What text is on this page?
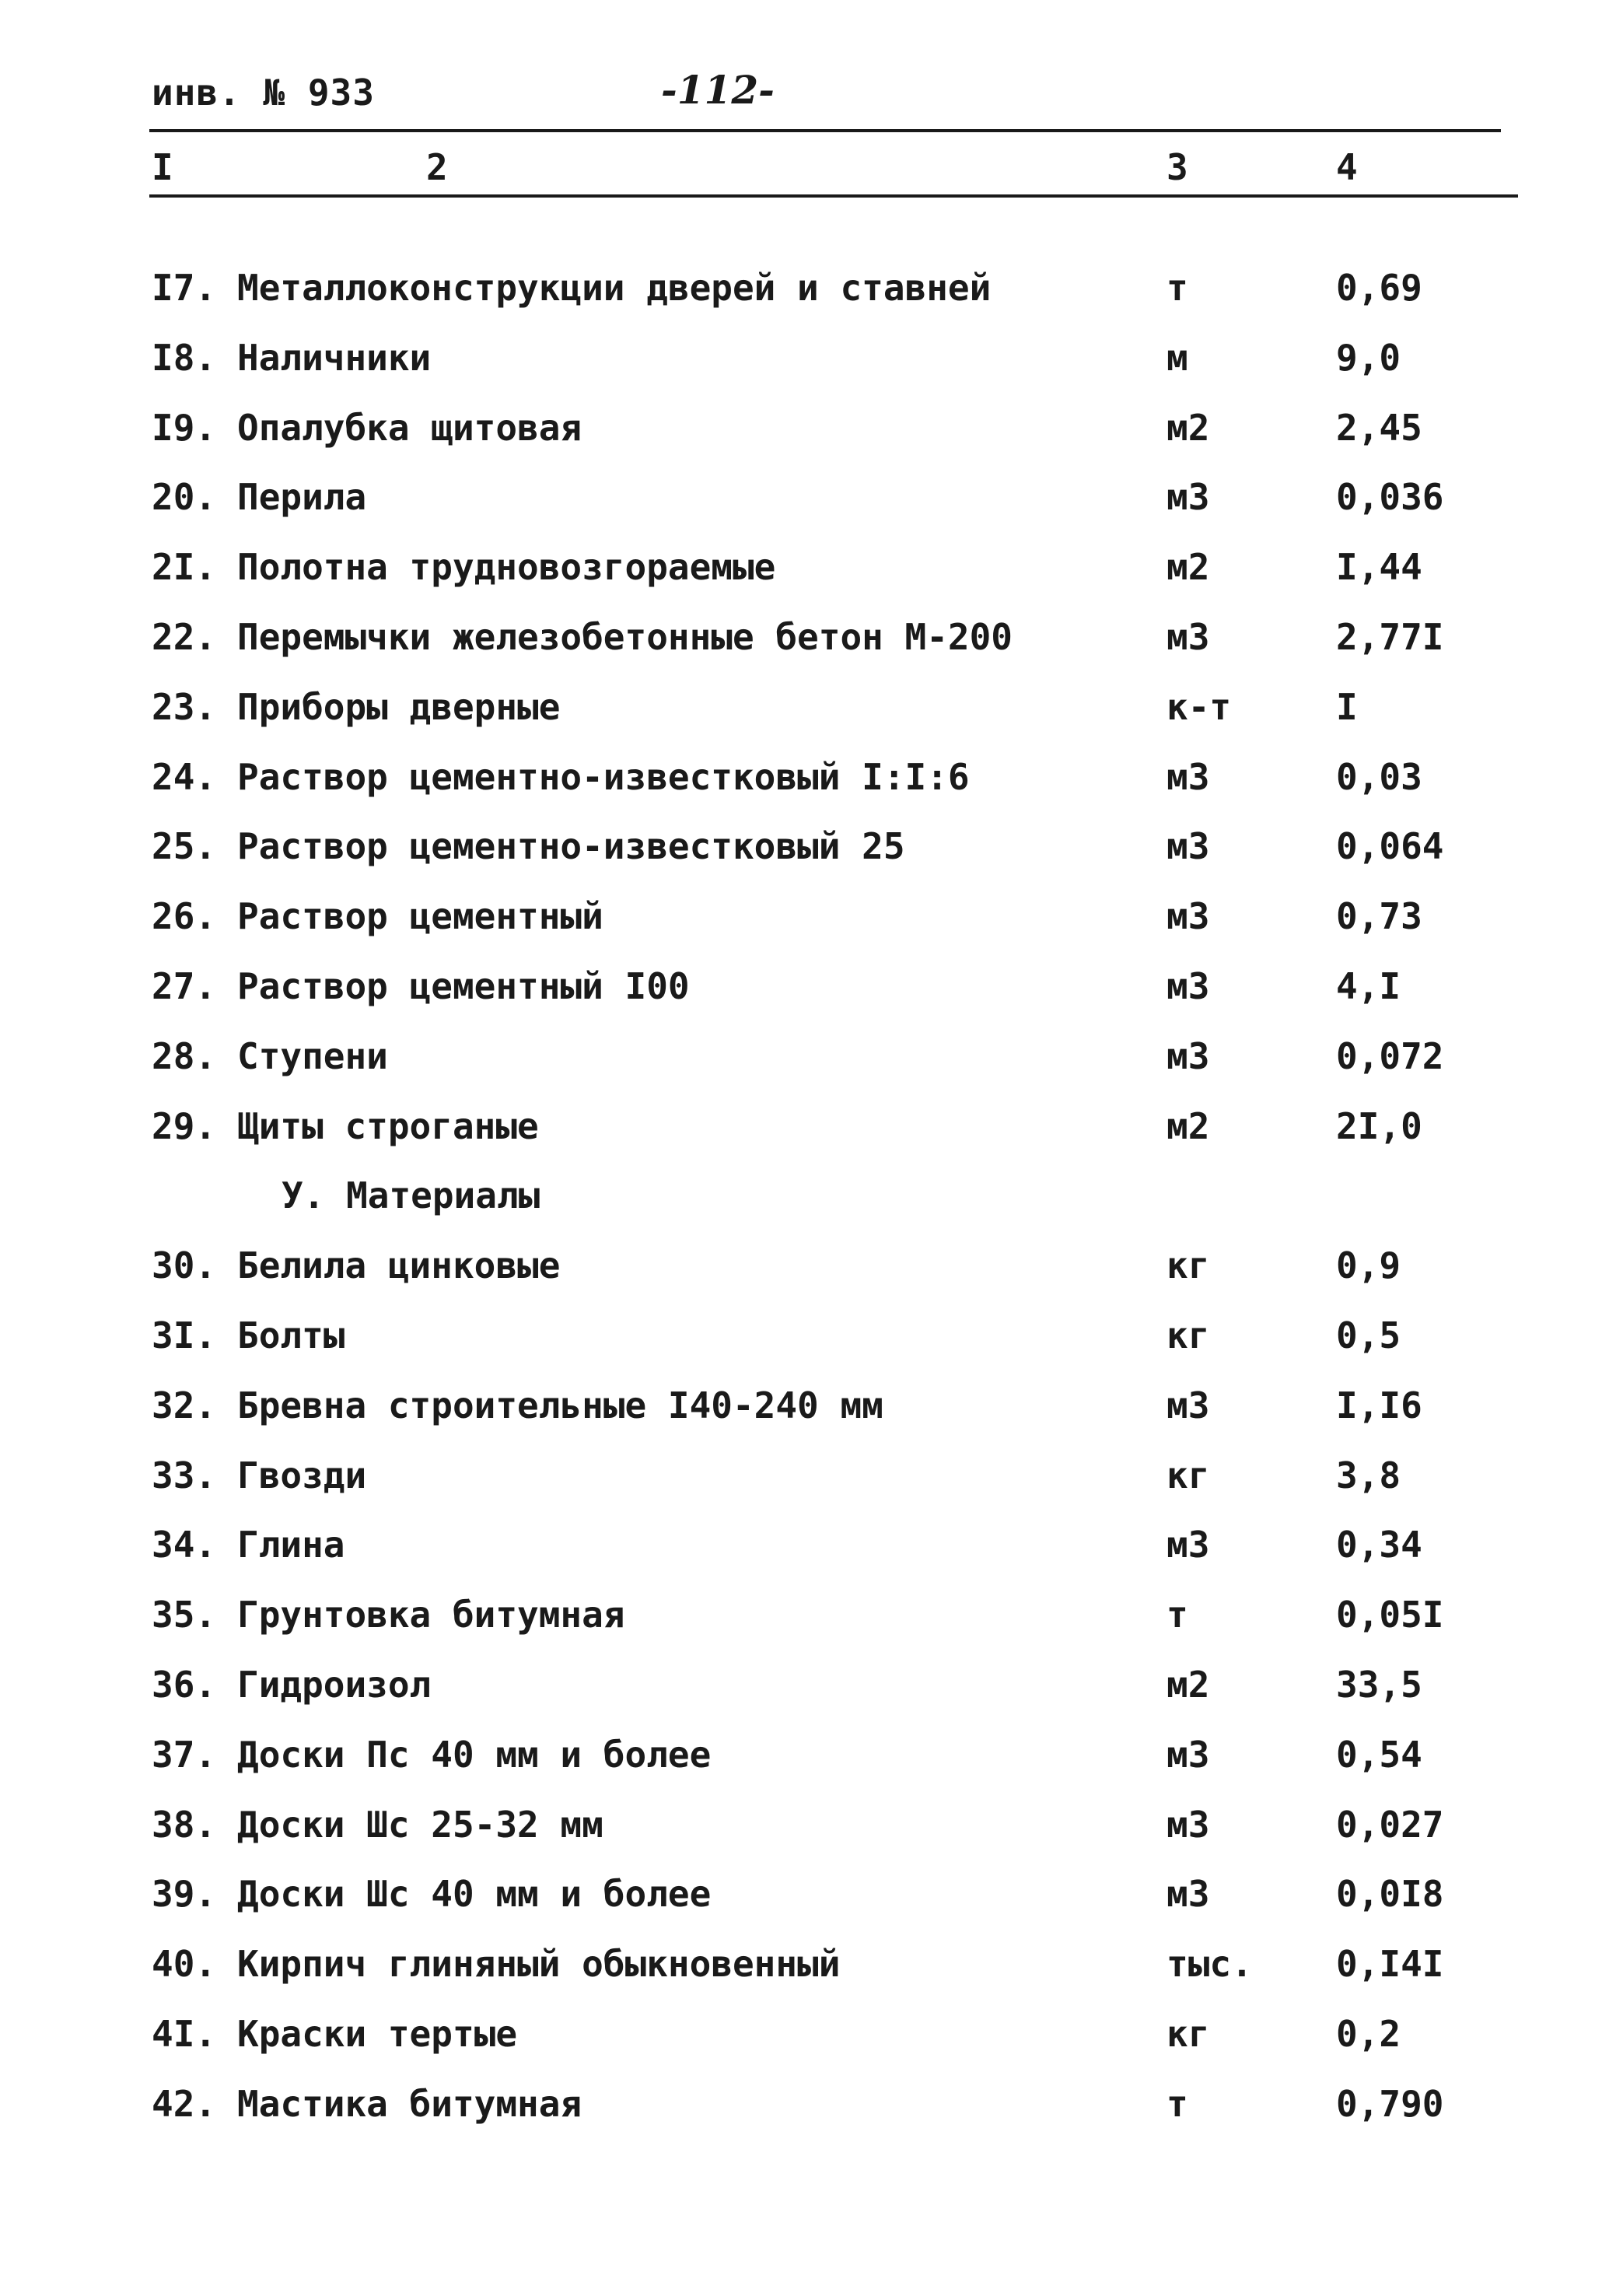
инв. № 933	-112-
I	2	3	4
I7. Металлоконструкции дверей и ставней	т	0,69
I8. Наличники	м	9,0
I9. Опалубка щитовая	м2	2,45
20. Перила	м3	0,036
2I. Полотна трудновозгораемые	м2	I,44
22. Перемычки железобетонные бетон М-200	м3	2,77I
23. Приборы дверные	к-т	I
24. Раствор цементно-известковый I:I:6	м3	0,03
25. Раствор цементно-известковый 25	м3	0,064
26. Раствор цементный	м3	0,73
27. Раствор цементный I00	м3	4,I
28. Ступени	м3	0,072
29. Щиты строганые	м2	2I,0
У. Материалы
30. Белила цинковые	кг	0,9
3I. Болты	кг	0,5
32. Бревна строительные I40-240 мм	м3	I,I6
33. Гвозди	кг	3,8
34. Глина	м3	0,34
35. Грунтовка битумная	т	0,05I
36. Гидроизол	м2	33,5
37. Доски Пс 40 мм и более	м3	0,54
38. Доски Шс 25-32 мм	м3	0,027
39. Доски Шс 40 мм и более	м3	0,0I8
40. Кирпич глиняный обыкновенный	тыс. 0,I4I
4I. Краски тертые	кг	0,2
42. Мастика битумная	т	0,790
